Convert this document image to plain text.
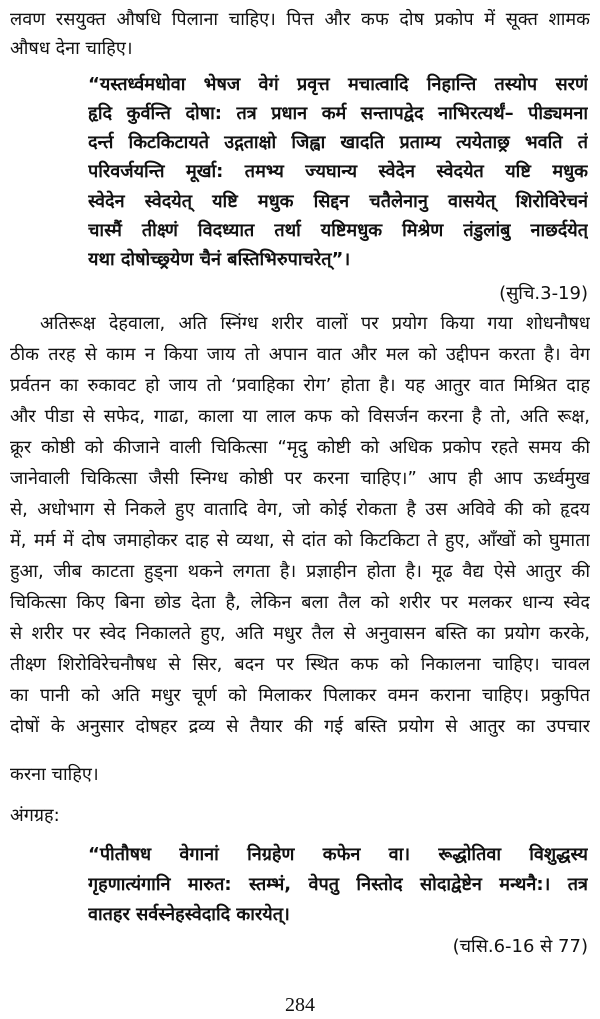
लवण रसयुक्त औषधि पिलाना चाहिए। पित्त और कफ दोष प्रकोप में सूक्त शामक
औषध देना चाहिए।
“यस्तर्ध्वमधोवा भेषज वेगं प्रवृत्त मचात्वादि निहान्ति तस्योप सरणं
हृदि कुर्वन्ति दोषा: तत्र प्रधान कर्म सन्तापद्वेद नाभिरत्यर्थं– पीड्यमना
दर्न्त किटकिटायते उद्गताक्षो जिह्वा खादति प्रताम्य त्ययेताछ्र भवति तं
परिवर्जयन्ति मूर्खा: तमभ्य ज्यघान्य स्वेदेन स्वेदयेत यष्टि मधुक
स्वेदेन स्वेदयेत् यष्टि मधुक सिद्दन चतैलेनानु वासयेत् शिरोविरेचनं
चास्मैं तीक्ष्णं विदध्यात तर्था यष्टिमधुक मिश्रेण तंडुलांबु नाछर्दयेत्
यथा दोषोच्छ्र्येण चैनं बस्तिभिरुपाचरेत्”।
(सुचि.3-19)
अतिरूक्ष देहवाला, अति स्निंग्ध शरीर वालों पर प्रयोग किया गया शोधनौषध
ठीक तरह से काम न किया जाय तो अपान वात और मल को उद्दीपन करता है। वेग
प्रर्वतन का रुकावट हो जाय तो ‘प्रवाहिका रोग’ होता है। यह आतुर वात मिश्रित दाह
और पीडा से सफेद, गाढा, काला या लाल कफ को विसर्जन करना है तो, अति रूक्ष,
क्रूर कोष्ठी को कीजाने वाली चिकित्सा “मृदु कोष्टी को अधिक प्रकोप रहते समय की
जानेवाली चिकित्सा जैसी स्निग्ध कोष्ठी पर करना चाहिए।” आप ही आप ऊर्ध्वमुख
से, अधोभाग से निकले हुए वातादि वेग, जो कोई रोकता है उस अविवे की को हृदय
में, मर्म में दोष जमाहोकर दाह से व्यथा, से दांत को किटकिटा ते हुए, आँखों को घुमाता
हुआ, जीब काटता हुड्ना थकने लगता है। प्रज्ञाहीन होता है। मूढ वैद्य ऐसे आतुर की
चिकित्सा किए बिना छोड देता है, लेकिन बला तैल को शरीर पर मलकर धान्य स्वेद
से शरीर पर स्वेद निकालते हुए, अति मधुर तैल से अनुवासन बस्ति का प्रयोग करके,
तीक्ष्ण शिरोविरेचनौषध से सिर, बदन पर स्थित कफ को निकालना चाहिए। चावल
का पानी को अति मधुर चूर्ण को मिलाकर पिलाकर वमन कराना चाहिए। प्रकुपित
दोषों के अनुसार दोषहर द्रव्य से तैयार की गई बस्ति प्रयोग से आतुर का उपचार
करना चाहिए।
अंगग्रह:
“पीतौषध वेगानां निग्रहेण कफेन वा। रूद्धोतिवा विशुद्धस्य
गृहणात्यंगानि मारुत: स्तम्भं, वेपतु निस्तोद सोदाद्वेष्टेन मन्थनै:। तत्र
वातहर सर्वस्नेहस्वेदादि कारयेत्।
(चसि.6-16 से 77)
284
